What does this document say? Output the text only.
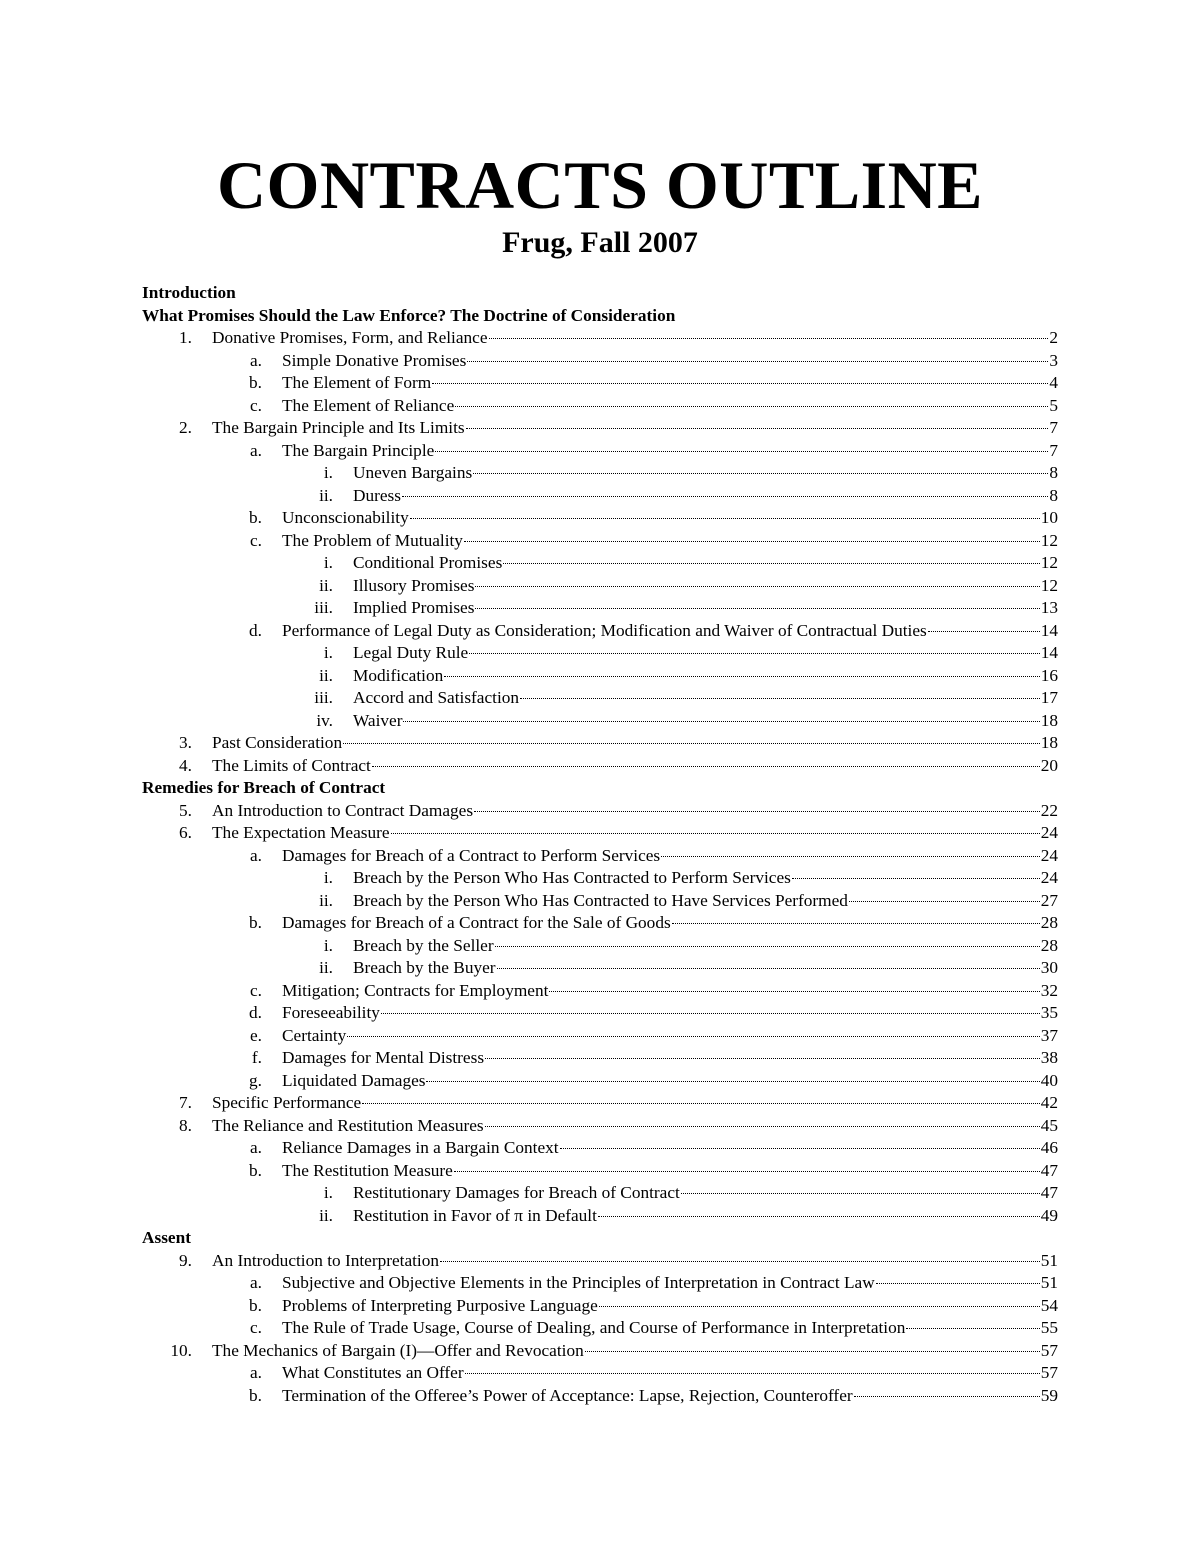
CONTRACTS OUTLINE
Frug, Fall 2007
Introduction
What Promises Should the Law Enforce? The Doctrine of Consideration
1. Donative Promises, Form, and Reliance	2
a. Simple Donative Promises	3
b. The Element of Form	4
c. The Element of Reliance	5
2. The Bargain Principle and Its Limits	7
a. The Bargain Principle	7
i. Uneven Bargains	8
ii. Duress	8
b. Unconscionability	10
c. The Problem of Mutuality	12
i. Conditional Promises	12
ii. Illusory Promises	12
iii. Implied Promises	13
d. Performance of Legal Duty as Consideration; Modification and Waiver of Contractual Duties	14
i. Legal Duty Rule	14
ii. Modification	16
iii. Accord and Satisfaction	17
iv. Waiver	18
3. Past Consideration	18
4. The Limits of Contract	20
Remedies for Breach of Contract
5. An Introduction to Contract Damages	22
6. The Expectation Measure	24
a. Damages for Breach of a Contract to Perform Services	24
i. Breach by the Person Who Has Contracted to Perform Services	24
ii. Breach by the Person Who Has Contracted to Have Services Performed	27
b. Damages for Breach of a Contract for the Sale of Goods	28
i. Breach by the Seller	28
ii. Breach by the Buyer	30
c. Mitigation; Contracts for Employment	32
d. Foreseeability	35
e. Certainty	37
f. Damages for Mental Distress	38
g. Liquidated Damages	40
7. Specific Performance	42
8. The Reliance and Restitution Measures	45
a. Reliance Damages in a Bargain Context	46
b. The Restitution Measure	47
i. Restitutionary Damages for Breach of Contract	47
ii. Restitution in Favor of π in Default	49
Assent
9. An Introduction to Interpretation	51
a. Subjective and Objective Elements in the Principles of Interpretation in Contract Law	51
b. Problems of Interpreting Purposive Language	54
c. The Rule of Trade Usage, Course of Dealing, and Course of Performance in Interpretation	55
10. The Mechanics of Bargain (I)—Offer and Revocation	57
a. What Constitutes an Offer	57
b. Termination of the Offeree’s Power of Acceptance: Lapse, Rejection, Counteroffer	59
